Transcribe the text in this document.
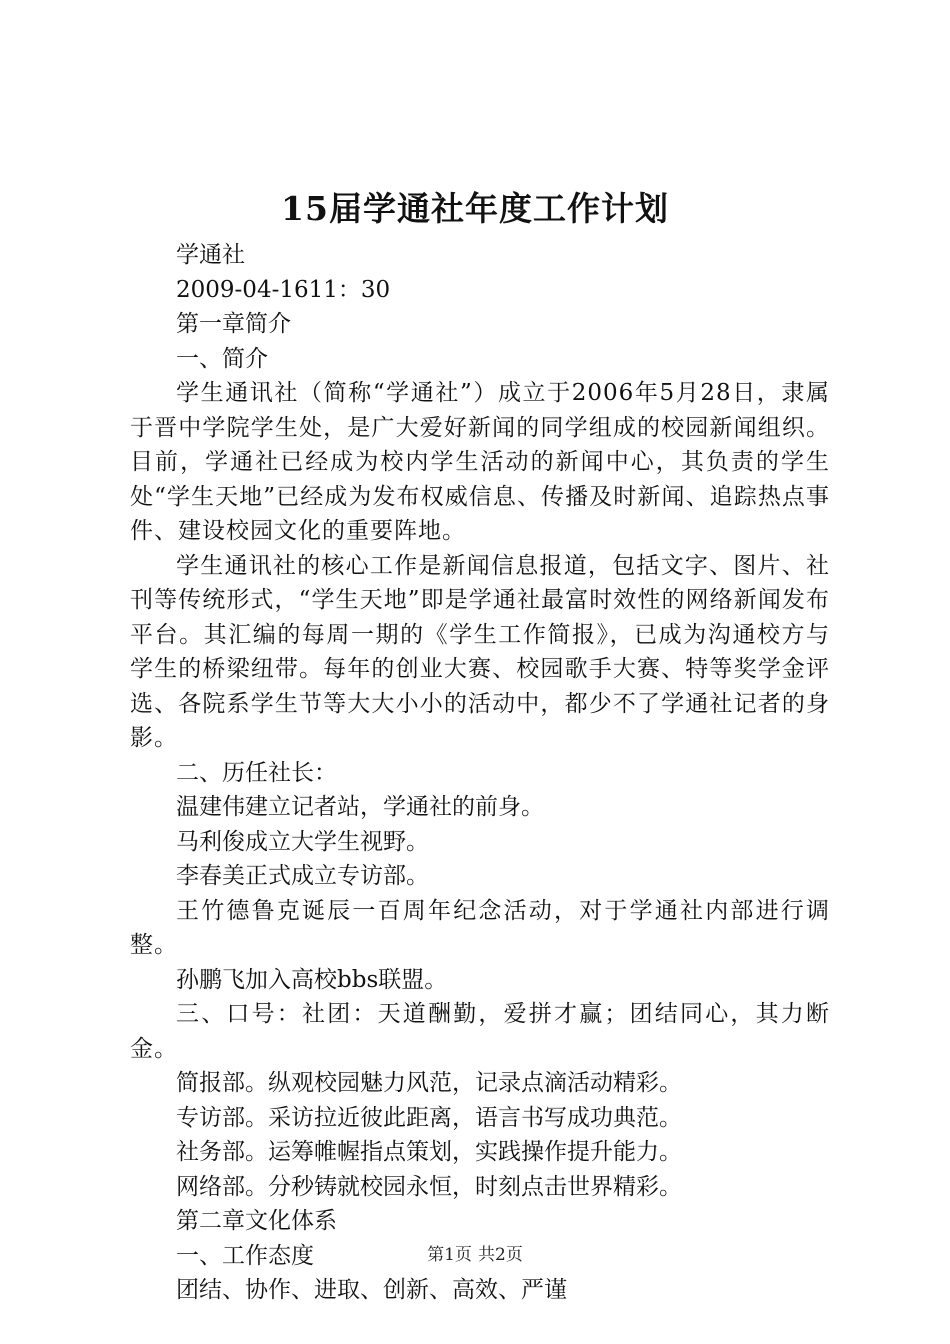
15届学通社年度工作计划

学通社

2009-04-1611：30

第一章简介

一、简介

学生通讯社（简称“学通社”）成立于2006年5月28日，隶属于晋中学院学生处，是广大爱好新闻的同学组成的校园新闻组织。目前，学通社已经成为校内学生活动的新闻中心，其负责的学生处“学生天地”已经成为发布权威信息、传播及时新闻、追踪热点事件、建设校园文化的重要阵地。

学生通讯社的核心工作是新闻信息报道，包括文字、图片、社刊等传统形式，“学生天地”即是学通社最富时效性的网络新闻发布平台。其汇编的每周一期的《学生工作简报》，已成为沟通校方与学生的桥梁纽带。每年的创业大赛、校园歌手大赛、特等奖学金评选、各院系学生节等大大小小的活动中，都少不了学通社记者的身影。

二、历任社长：

温建伟建立记者站，学通社的前身。

马利俊成立大学生视野。

李春美正式成立专访部。

王竹德鲁克诞辰一百周年纪念活动，对于学通社内部进行调整。

孙鹏飞加入高校bbs联盟。

三、口号：社团：天道酬勤，爱拼才赢；团结同心，其力断金。

简报部。纵观校园魅力风范，记录点滴活动精彩。

专访部。采访拉近彼此距离，语言书写成功典范。

社务部。运筹帷幄指点策划，实践操作提升能力。

网络部。分秒铸就校园永恒，时刻点击世界精彩。

第二章文化体系

一、工作态度

团结、协作、进取、创新、高效、严谨

第1页 共2页
